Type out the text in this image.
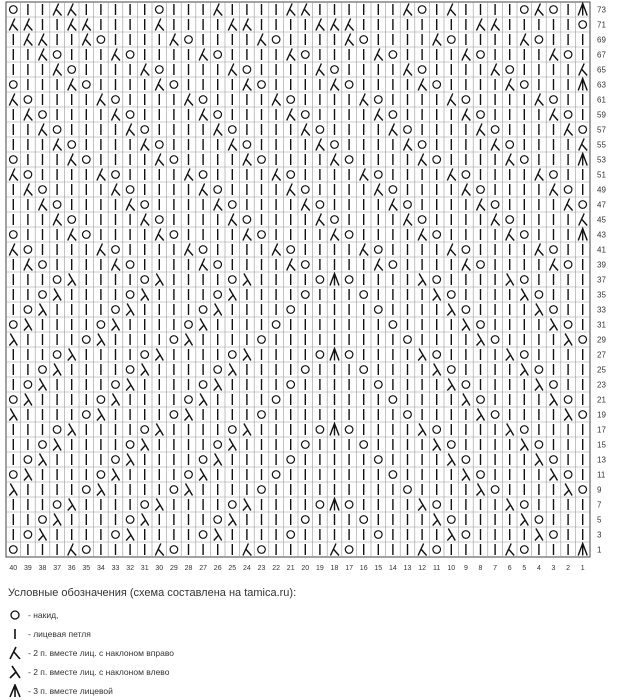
73
71
69
67
65
63
61
59
57
55
53
51
49
47
45
43
41
39
37
35
33
31
29
27
25
23
21
19
17
15
13
11
9
7
5
3
1
40 39 38 37 36 35 34 33 32 31 30 29 28 27 26 25 24 23 22 21 20 19 18 17 16 15 14 13 12 11 10 9 8 7 6 5 4 3 2 1
Условные обозначения (схема составлена на tamica.ru):
- накид,
- лицевая петля
- 2 п. вместе лиц. с наклоном вправо
- 2 п. вместе лиц. с наклоном влево
- 3 п. вместе лицевой
